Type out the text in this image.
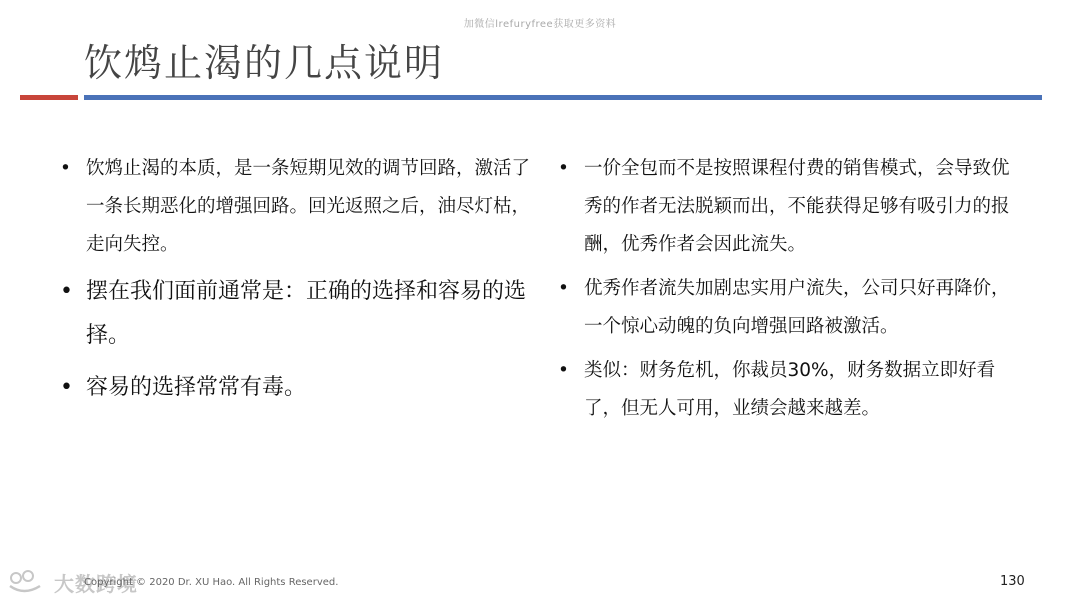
加微信lrefuryfree获取更多资料
饮鸩止渴的几点说明
• 饮鸩止渴的本质，是一条短期见效的调节回路，激活了一条长期恶化的增强回路。回光返照之后，油尽灯枯，走向失控。
• 摆在我们面前通常是：正确的选择和容易的选择。
• 容易的选择常常有毒。
• 一价全包而不是按照课程付费的销售模式，会导致优秀的作者无法脱颖而出，不能获得足够有吸引力的报酬，优秀作者会因此流失。
• 优秀作者流失加剧忠实用户流失，公司只好再降价，一个惊心动魄的负向增强回路被激活。
• 类似：财务危机，你裁员30%，财务数据立即好看了，但无人可用，业绩会越来越差。
大数跨境
Copyright © 2020 Dr. XU Hao. All Rights Reserved.	130
